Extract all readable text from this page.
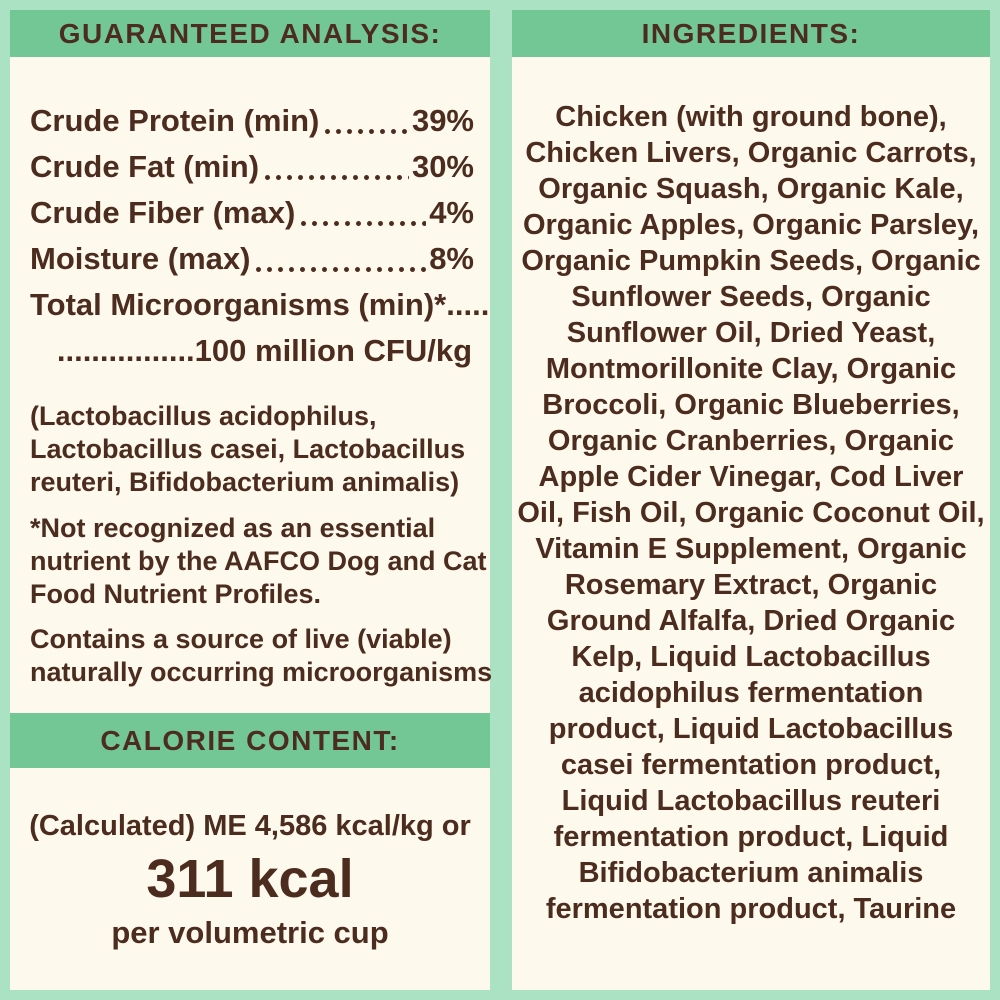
GUARANTEED ANALYSIS:
Crude Protein (min)	39%
Crude Fat (min)	30%
Crude Fiber (max)	4%
Moisture (max)	8%
Total Microorganisms (min)*.....
................100 million CFU/kg
(Lactobacillus acidophilus,
Lactobacillus casei, Lactobacillus
reuteri, Bifidobacterium animalis)
*Not recognized as an essential
nutrient by the AAFCO Dog and Cat
Food Nutrient Profiles.
Contains a source of live (viable)
naturally occurring microorganisms
CALORIE CONTENT:
(Calculated) ME 4,586 kcal/kg or
311 kcal
per volumetric cup
INGREDIENTS:
Chicken (with ground bone),
Chicken Livers, Organic Carrots,
Organic Squash, Organic Kale,
Organic Apples, Organic Parsley,
Organic Pumpkin Seeds, Organic
Sunflower Seeds, Organic
Sunflower Oil, Dried Yeast,
Montmorillonite Clay, Organic
Broccoli, Organic Blueberries,
Organic Cranberries, Organic
Apple Cider Vinegar, Cod Liver
Oil, Fish Oil, Organic Coconut Oil,
Vitamin E Supplement, Organic
Rosemary Extract, Organic
Ground Alfalfa, Dried Organic
Kelp, Liquid Lactobacillus
acidophilus fermentation
product, Liquid Lactobacillus
casei fermentation product,
Liquid Lactobacillus reuteri
fermentation product, Liquid
Bifidobacterium animalis
fermentation product, Taurine
